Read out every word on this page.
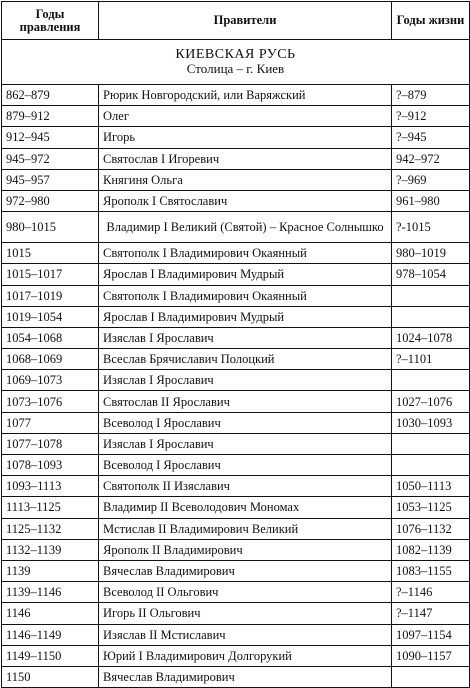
Годы правления	Правители	Годы жизни

КИЕВСКАЯ РУСЬ
Столица – г. Киев		

862–879	Рюрик Новгородский, или Варяжский	?–879
879–912	Олег	?–912
912–945	Игорь	?–945
945–972	Святослав I Игоревич	942–972
945–957	Княгиня Ольга	?–969
972–980	Ярополк I Святославич	961–980
980–1015	Владимир I Великий (Святой) – Красное Солнышко	?-1015
1015	Святополк I Владимирович Окаянный	980–1019
1015–1017	Ярослав I Владимирович Мудрый	978–1054
1017–1019	Святополк I Владимирович Окаянный	
1019–1054	Ярослав I Владимирович Мудрый	
1054–1068	Изяслав I Ярославич	1024–1078
1068–1069	Всеслав Брячиславич Полоцкий	?–1101
1069–1073	Изяслав I Ярославич	
1073–1076	Святослав II Ярославич	1027–1076
1077	Всеволод I Ярославич	1030–1093
1077–1078	Изяслав I Ярославич	
1078–1093	Всеволод I Ярославич	
1093–1113	Святополк II Изяславич	1050–1113
1113–1125	Владимир II Всеволодович Мономах	1053–1125
1125–1132	Мстислав II Владимирович Великий	1076–1132
1132–1139	Ярополк II Владимирович	1082–1139
1139	Вячеслав Владимирович	1083–1155
1139–1146	Всеволод II Ольгович	?–1146
1146	Игорь II Ольгович	?–1147
1146–1149	Изяслав II Мстиславич	1097–1154
1149–1150	Юрий I Владимирович Долгорукий	1090–1157
1150	Вячеслав Владимирович	
